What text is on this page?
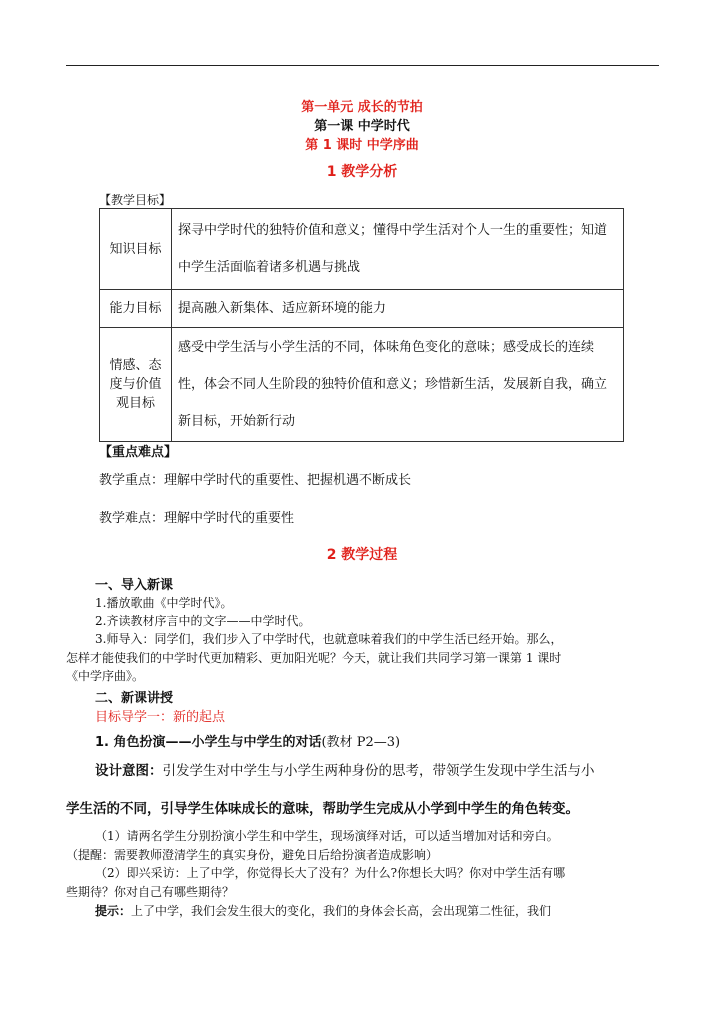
第一单元 成长的节拍
第一课 中学时代
第 1 课时 中学序曲
1 教学分析
【教学目标】
知识目标	探寻中学时代的独特价值和意义；懂得中学生活对个人一生的重要性；知道中学生活面临着诸多机遇与挑战
能力目标	提高融入新集体、适应新环境的能力
情感、态度与价值观目标	感受中学生活与小学生活的不同，体味角色变化的意味；感受成长的连续性，体会不同人生阶段的独特价值和意义；珍惜新生活，发展新自我，确立新目标，开始新行动
【重点难点】
教学重点：理解中学时代的重要性、把握机遇不断成长
教学难点：理解中学时代的重要性
2 教学过程
一、导入新课
1.播放歌曲《中学时代》。
2.齐读教材序言中的文字——中学时代。
3.师导入：同学们，我们步入了中学时代，也就意味着我们的中学生活已经开始。那么，
怎样才能使我们的中学时代更加精彩、更加阳光呢？今天，就让我们共同学习第一课第 1 课时
《中学序曲》。
二、新课讲授
目标导学一：新的起点
1. 角色扮演——小学生与中学生的对话(教材 P2—3)
设计意图：引发学生对中学生与小学生两种身份的思考，带领学生发现中学生活与小
学生活的不同，引导学生体味成长的意味，帮助学生完成从小学到中学生的角色转变。
（1）请两名学生分别扮演小学生和中学生，现场演绎对话，可以适当增加对话和旁白。
（提醒：需要教师澄清学生的真实身份，避免日后给扮演者造成影响）
（2）即兴采访：上了中学，你觉得长大了没有？为什么?你想长大吗？你对中学生活有哪
些期待？你对自己有哪些期待？
提示：上了中学，我们会发生很大的变化，我们的身体会长高，会出现第二性征，我们
